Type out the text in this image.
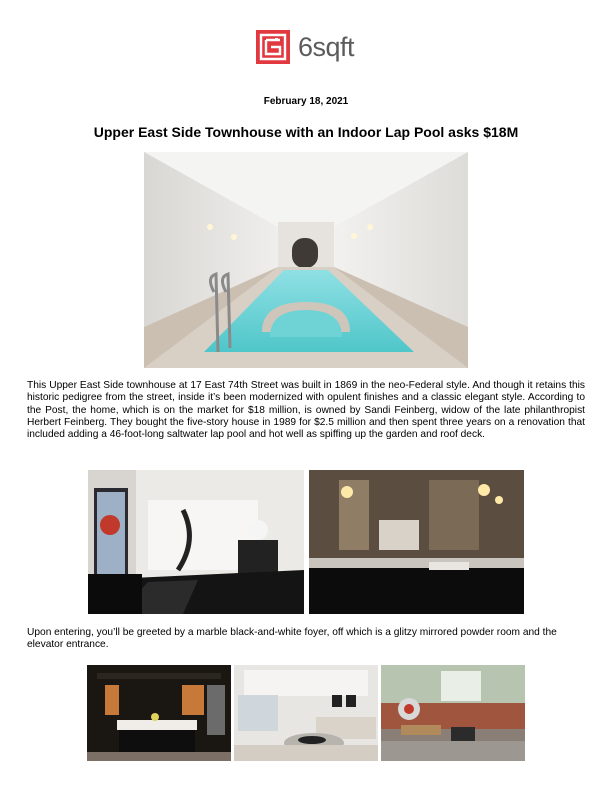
6sqft
February 18, 2021
Upper East Side Townhouse with an Indoor Lap Pool asks $18M
This Upper East Side townhouse at 17 East 74th Street was built in 1869 in the neo-Federal style. And though it retains this historic pedigree from the street, inside it’s been modernized with opulent finishes and a classic elegant style. According to the Post, the home, which is on the market for $18 million, is owned by Sandi Feinberg, widow of the late philanthropist Herbert Feinberg. They bought the five-story house in 1989 for $2.5 million and then spent three years on a renovation that included adding a 46-foot-long saltwater lap pool and hot well as spiffing up the garden and roof deck.
Upon entering, you’ll be greeted by a marble black-and-white foyer, off which is a glitzy mirrored powder room and the elevator entrance.
